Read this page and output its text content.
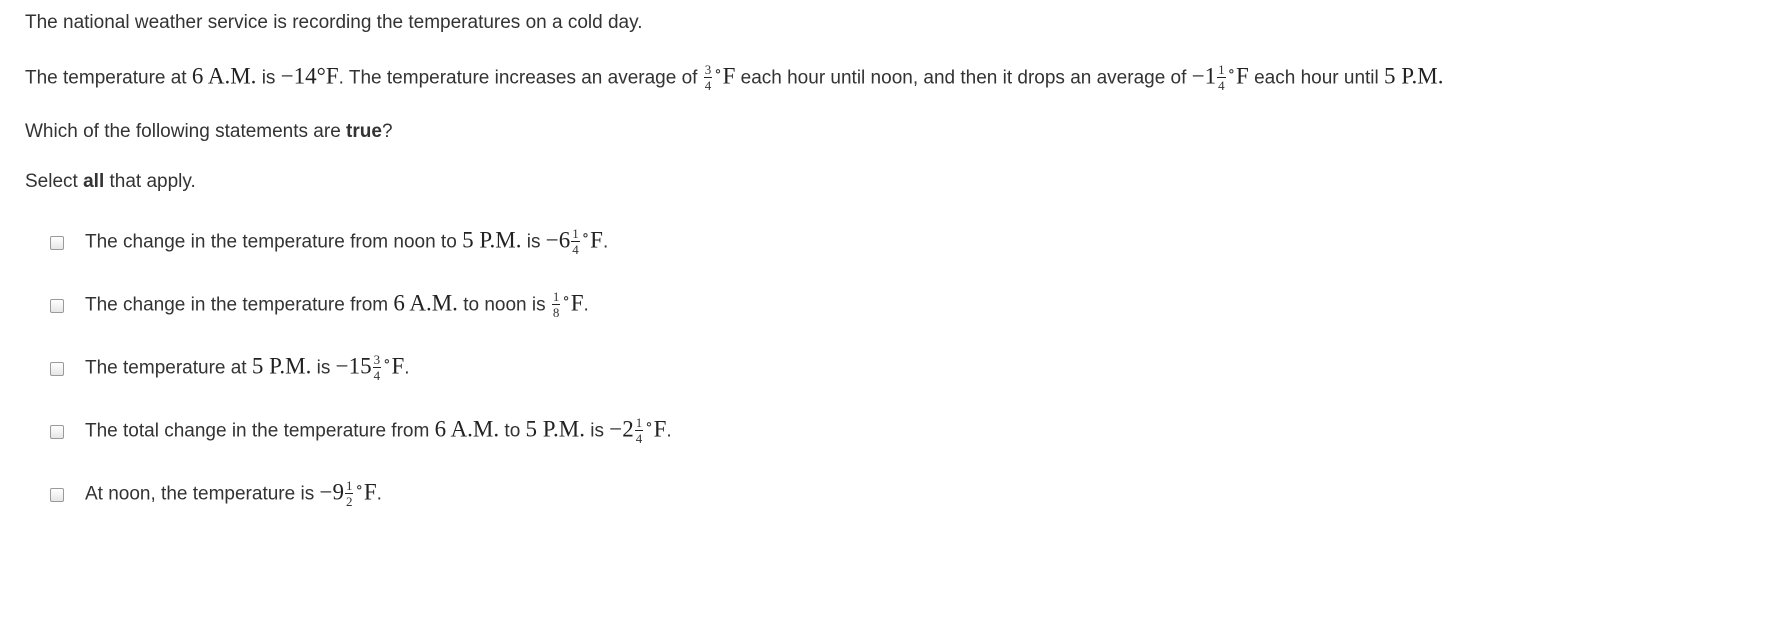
The national weather service is recording the temperatures on a cold day.
The temperature at 6 A.M. is −14°F. The temperature increases an average of $\frac{3}{4} ^\circ F$ each hour until noon, and then it drops an average of $-1 \frac{1}{4} ^\circ F$ each hour until 5 P.M.
Which of the following statements are true?
Select all that apply.
The change in the temperature from noon to 5 P.M. is $-6 \frac{1}{4} ^\circ F$.
The change in the temperature from 6 A.M. to noon is $\frac{1}{8} ^\circ F$.
The temperature at 5 P.M. is $-15 \frac{3}{4} ^\circ F$.
The total change in the temperature from 6 A.M. to 5 P.M. is $-2 \frac{1}{4} ^\circ F$.
At noon, the temperature is $-9 \frac{1}{2} ^\circ F$.
